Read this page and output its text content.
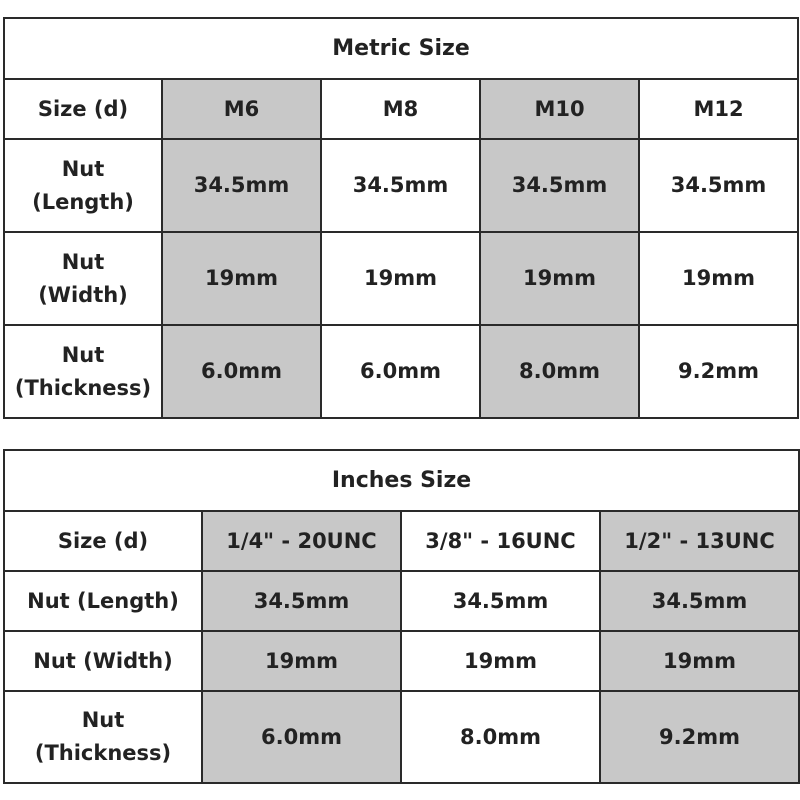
Metric Size				
Size (d)	M6	M8	M10	M12
Nut
(Length)	34.5mm	34.5mm	34.5mm	34.5mm
Nut
(Width)	19mm	19mm	19mm	19mm
Nut
(Thickness)	6.0mm	6.0mm	8.0mm	9.2mm
Inches Size			
Size (d)	1/4" - 20UNC	3/8" - 16UNC	1/2" - 13UNC
Nut (Length)	34.5mm	34.5mm	34.5mm
Nut (Width)	19mm	19mm	19mm
Nut
(Thickness)	6.0mm	8.0mm	9.2mm
